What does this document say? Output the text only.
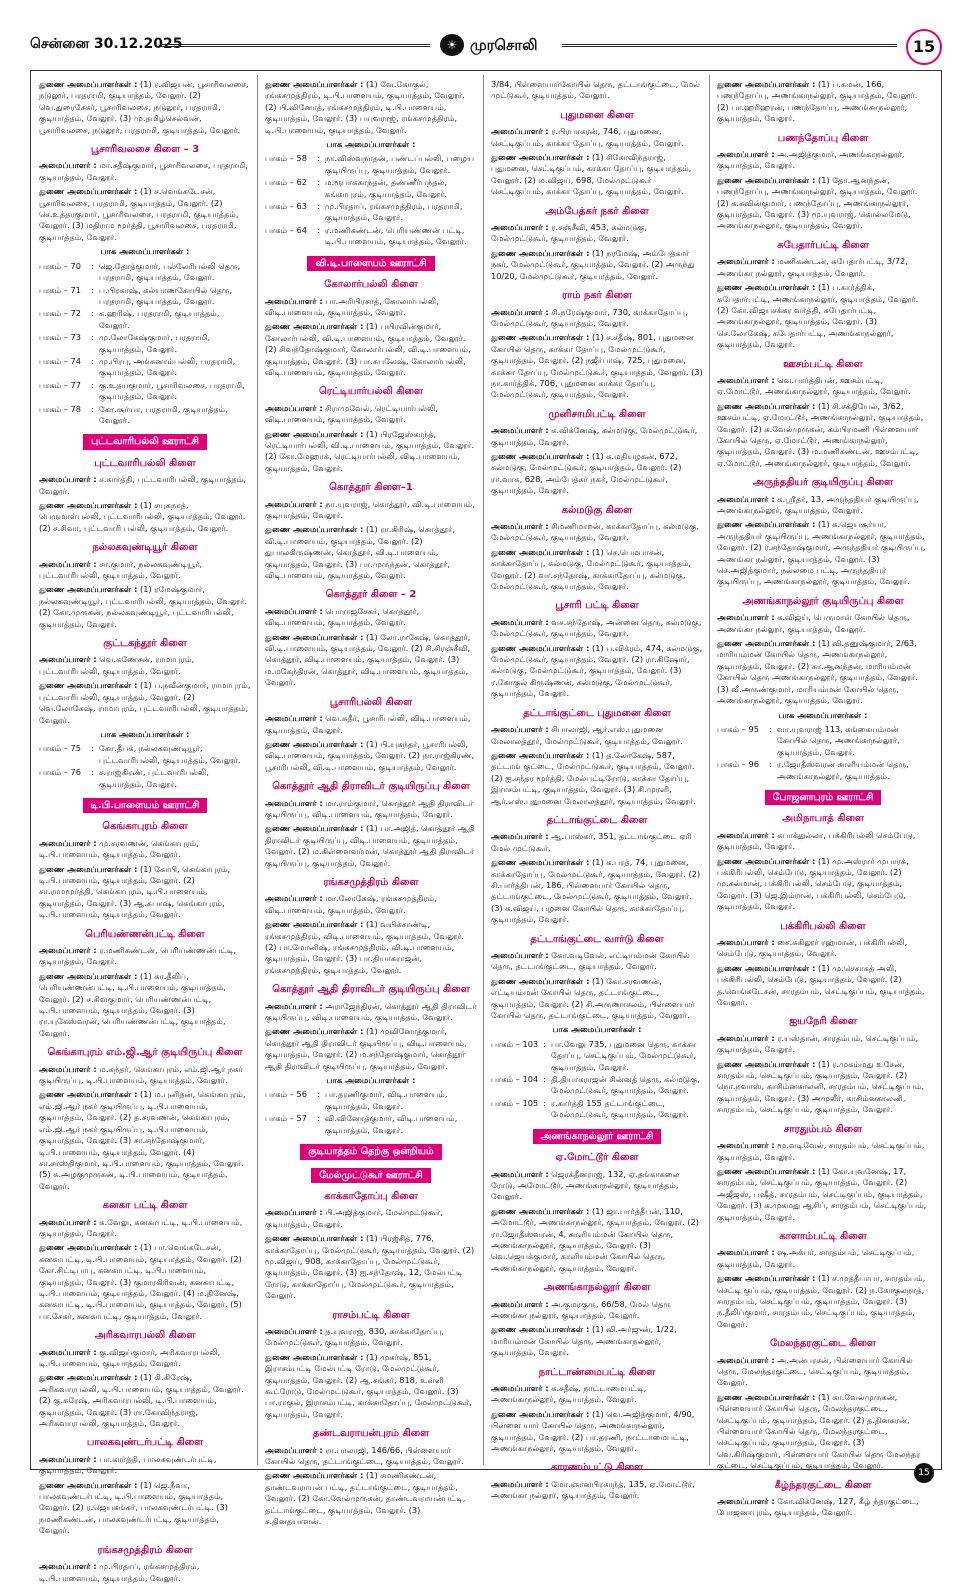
சென்னை 30.12.2025	☀ முரசொலி	15

துணை அமைப்பாளர்கள் : (1) ர.விஜயன், பூசாரிவலசை, நடுலூர், பரதராமி, குடியாத்தம், வேலூர். (2) வெ.துரைசேகர், பூசாரிவலசை, நடுலூர், பரதராமி, குடியாத்தம், வேலூர். (3) மு.தமிழ்செல்வன், பூசாரிவலசை, நடுலூர், பரதராமி, குடியாத்தம், வேலூர்.

பூசாரிவலசை கிளை – 3

அமைப்பாளர் : மா.சதீஷ்குமார், பூசாரிவலசை, பரதராமி, குடியாத்தம், வேலூர்.

துணை அமைப்பாளர்கள் : (1) ச.வெங்கடேசன், பூசாரிவலசை, பரதராமி, குடியாத்தம், வேலூர். (2) செ.உத்தரகுமார், பூசாரிவலசை, பரதராமி, குடியாத்தம், வேலூர். (3) மதிராம மூர்த்தி, பூசாரிவலசை, பரதராமி, குடியாத்தம், வேலூர்.

பாக அமைப்பாளர்கள் :
பாகம் – 70	: ஜெ.தோத்குமார், பல்லேரிபல்லி தெரு, பரதராமி, குடியாத்தம், வேலூர்.
பாகம் – 71	: ப.பிரகாஷ், கல்யாணகோயில் தெரு, பரதராமி, குடியாத்தம், வேலூர்.
பாகம் – 72	: க.ஹரிஷ், பரதராமி, குடியாத்தம், வேலூர்.
பாகம் – 73	: மு.லோகேஷ்குமார், பரதராமி, குடியாத்தம், வேலூர்.
பாகம் – 74	: மு.பிரபு, அங்கனாம்பல்லி, பரதராமி, குடியாத்தம், வேலூர்.
பாகம் – 77	: கு.உதயகுமார், பூசாரிவலசை, பரதராமி, குடியாத்தம், வேலூர்.
பாகம் – 78	: கோ.சூர்யா, பரதராமி, குடியாத்தம், வேலூர்.
புட்டவாரிபல்லி ஊராட்சி
புட்டவாரிபல்லி கிளை

அமைப்பாளர் : ச.கார்த்தி, புட்டவாரிபல்லி, குடியாத்தம், வேலூர்.

துணை அமைப்பாளர்கள் : (1) சயுகநாத், பெருமாள்பல்லி, புட்டவாரிபல்லி, குடியாத்தம், வேலூர். (2) ச.சிவா, புட்டவாரி பல்லி, குடியாத்தம், வேலூர்.

நல்லகவுண்டியூர் கிளை

அமைப்பாளர் : சா.குமார், நல்லகவுண்டியூர், புட்டவாரிபல்லி, குடியாத்தம், வேலூர்.

துணை அமைப்பாளர்கள் : (1) ரமேஷ்குமார், நல்லகவுண்டியூர், புட்டவாரிபல்லி, குடியாத்தம், வேலூர். (2) கோ.முருகன், நல்லகவுண்டியூர், புட்டவாரிபல்லி, குடியாத்தம், வேலூர்.

குட்டகந்தூர் கிளை

அமைப்பாளர் : வெ.கணேசன், ராமாபுரம், புட்டவாரிபல்லி, குடியாத்தம், வேலூர்.

துணை அமைப்பாளர்கள் : (1) ப.நவீன்குமார், ராமாபுரம், புட்டவாரிபல்லி, குடியாத்தம், வேலூர். (2) வெ.லோகேஷ், ராமாபுரம், புட்டவாரிபல்லி, குடியாத்தம், வேலூர்.

பாக அமைப்பாளர்கள் :
பாகம் – 75	: கோ.தீபக், நல்லகவுண்டியூர், புட்டவாரிபல்லி, குடியாத்தம், வேலூர்.
பாகம் – 76	: ச.ராஜ்கிரண், புட்டவாரிபல்லி, குடியாத்தம், வேலூர்.
டி.பி.பாளையம் ஊராட்சி
கெங்காபுரம் கிளை

அமைப்பாளர் : மு.சரவணன், கெங்காபுரம், டி.பி.பாளையம், குடியாத்தம், வேலூர்.

துணை அமைப்பாளர்கள் : (1) கோபி, கெங்காபுரம், டி.பி.பாளையம், குடியாத்தம், வேலூர். (2) சா.ராமமூர்த்தி, கெங்காபுரம், டி.பி.பாளையம், குடியாத்தம், வேலூர். (3) ஆ.சுபாஷ், கெங்காபுரம், டி.பி.பாளையம், குடியாத்தம், வேலூர்.

பெரியண்ணன்பட்டி கிளை

அமைப்பாளர் : ர.மணிகண்டன், பெரியண்ணன்பட்டி, குடியாத்தம், வேலூர்.

துணை அமைப்பாளர்கள் : (1) கா.தீலிப், பெரியண்ணன்பட்டி, டி.பி.பாளையம், குடியாத்தம், வேலூர். (2) ச.சிவகுமார், பெரியண்ணன்பட்டி, டி.பி.பாளையம், குடியாத்தம், வேலூர். (3) ரா.யுகேஸ்வரன், பெரியண்ணன்பட்டி, குடியாத்தம், வேலூர்.

கெங்காபுரம் எம்.ஜி.ஆர் குடியிருப்பு கிளை

அமைப்பாளர் : ம.சுந்தர், கெங்காபுரம், எம்.ஜி.ஆர் நகர் குடியிருப்பு, டி.பி.பாளையம், குடியாத்தம், வேலூர்.

துணை அமைப்பாளர்கள் : (1) ம.புனிதன், கெங்காபுரம், எம்.ஜி.ஆர் நகர் குடியிருப்பு, டி.பி.பாளையம், குடியாத்தம், வேலூர். (2) த.சரவணன், கெங்காபுரம், எம்.ஜி.ஆர் நகர் குடியிருப்பு, டி.பி.பாளையம், குடியாத்தம், வேலூர். (3) சா.சந்தோஷ்குமார், டி.பி.பாளையம், குடியாத்தம், வேலூர். (4) சா.சாஸ்திகுமார், டி.பி.பாளையம், குடியாத்தம், வேலூர். (5) சு.அழகுமுருகன், டி.பி.பாளையம், குடியாத்தம், வேலூர்.

கனகா பட்டி கிளை

அமைப்பாளர் : க.வேலு, கனகாபட்டி, டி.பி.பாளையம், குடியாத்தம், வேலூர்.

துணை அமைப்பாளர்கள் : (1) பா.வெங்கடேசன், கனகாபட்டி, டி.பி.பாளையம், குடியாத்தம், வேலூர். (2) கோ.சிட்டிபாபு, கனகாபட்டி, டி.பி.பாளையம், குடியாத்தம், வேலூர். (3) குமாரகிரிவன், கனகாபட்டி, டி.பி.பாளையம், குடியாத்தம், வேலூர். (4) ம.தினேஷ், கனகாபட்டி, டி.பி.பாளையம், குடியாத்தம், வேலூர். (5) பா.சேகர், கனகாபட்டி, குடியாத்தம், வேலூர்.

அரிகவாரபல்லி கிளை

அமைப்பாளர் : கு.விஜய்குமார், அரிகவாரபல்லி, டி.பி.பாளையம், குடியாத்தம், வேலூர்.

துணை அமைப்பாளர்கள் : (1) கி.கிரேஷ், அரிகவாரபல்லி, டி.பி.பாளையம், குடியாத்தம், வேலூர். (2) கு.சுரேஷ், அரிகவாரபல்லி, டி.பி.பாளையம், குடியாத்தம், வேலூர். (3) ரா.கோவிந்தராஜ், அரிகவாரபல்லி, குடியாத்தம், வேலூர்.

பாலகவுண்டர்பட்டி கிளை

அமைப்பாளர் : பா.கார்த்தி, பாலகவுண்டர்பட்டி, குடியாத்தம், வேலூர்.

துணை அமைப்பாளர்கள் : (1) ஜெ.நீவா, பாலகவுண்டர்பட்டி, டி.பி.பாளையம், குடியாத்தம், வேலூர். (2) ர.ஜெயகங்கர், பாலகவுண்டர்பட்டி. (3) நமணிகண்டன், பாலகவுண்டர்பட்டி, குடியாத்தம், வேலூர்.

ரங்கசமுத்திரம் கிளை

அமைப்பாளர் : மு.பிரதாப், ரங்கசமுத்திரம், டி.பி.பாளையம், குடியாத்தம், வேலூர்.

துணை அமைப்பாளர்கள் : (1) வே.கோகுல், ரங்கசமுத்திரம், டி.பி.பாளையம், குடியாத்தம், வேலூர். (2) பி.வினோத், ரங்கசமுத்திரம், டி.பி.பாளையம், குடியாத்தம், வேலூர். (3) பயுவராஜ், ரங்கசமுத்திரம், டி.பி.பாளையம், குடியாத்தம், வேலூர்.

பாக அமைப்பாளர்கள் :
பாகம் – 58	: நா.விஸ்வநாதன், பண்டப்பல்லி, பழைய குடியிருப்பு, குடியாத்தம், வேலூர்.
பாகம் – 62	: ம.ரூபாசுகாந்தன், தண்ணீர்பந்தல், கங்காபுரம், குடியாத்தம், வேலூர்.
பாகம் – 63	: மு.பிரதாப், ரங்கசமுத்திரம், பரதராமி, குடியாத்தம், வேலூர்.
பாகம் – 64	: ர.மணிகண்டன், பெரியண்ணன் பட்டி, டி.பி.பாளையம், குடியாத்தம், வேலூர்.
வி.டி.பாளையம் ஊராட்சி
கோலார்பல்லி கிளை

அமைப்பாளர் : பா.அரிபிரசாத், கோலார்பல்லி, விடி.பாளையம், குடியாத்தம், வேலூர்.

துணை அமைப்பாளர்கள் : (1) பயிரவின்குமார், கோலார்பல்லி, வி.டி.பாளையம், குடியாத்தம், வேலூர். (2) சிவந்தோஷ்குமார், கோலார்பல்லி, வி.டி.பாளையம், குடியாத்தம், வேலூர். (3) பா.சுபலேஷ், கோலார்பல்லி, விடி.பாளையம், குடியாத்தம், வேலூர்.

ரெட்டியார்பல்லி கிளை

அமைப்பாளர் : சிராமுவேல், ரெட்டியார்பல்லி, விடி.பாளையம், குடியாத்தம், வேலூர்.

துணை அமைப்பாளர்கள் : (1) பிரஜேஸ்காந்த், ரெட்டியார்பல்லி, வி.டி.பாளையம், குடியாத்தம், வேலூர். (2) கோ.மேஹாக், ரெட்டியார்பல்லி, விடி.பாளையம், குடியாத்தம், வேலூர்.

கொத்தூர் கிளை–1

அமைப்பாளர் : நா.யுவராஜ், கொத்தூர், வி.டி.பாளையம், குடியாத்தம், வேலூர்.

துணை அமைப்பாளர்கள் : (1) ரா.கிரிஷ், கொத்தூர், வி.டி.பாளையம், குடியாத்தம், வேலூர். (2) துபாலகிருஷ்ணன், கொத்தூர், வி.டி.பாளையம், குடியாத்தம், வேலூர். (3) பா.முருந்தன், கொத்தூர், விடி.பாளையம், குடியாத்தம், வேலூர்.

கொத்தூர் கிளை – 2

அமைப்பாளர் : பொராஜசேகர், கொத்தூர், விடி.பாளையம், குடியாத்தம், வேலூர்.

துணை அமைப்பாளர்கள் : (1) லோ.ராகேஷ், கொத்தூர், வி.டி.பாளையம், குடியாத்தம், வேலூர். (2) சி.சிரஞ்சீவி, கொத்தூர், விடி.பாளையம், குடியாத்தம், வேலூர். (3) ம.மகேந்திரன், கொத்தூர், விடி.பாளையம், குடியாத்தம், வேலூர்.

பூசாரிபல்லி கிளை

அமைப்பாளர் : வெ.சுதீர், பூசாரிபல்லி, விடி.பாளையம், குடியாத்தம், வேலூர்.

துணை அமைப்பாளர்கள் : (1) பி.யுகந்தர், பூசாரிபல்லி, விடி.பாளையம், குடியாத்தம், வேலூர். (2) நா.ராஜ்கிரண், பூசாரிபல்லி, வி.டி.பாளையம், குடியாத்தம், வேலூர்.

கொத்தூர் ஆதி திராவிடர் குடியிருப்பு கிளை

அமைப்பாளர் : மா.ராம்குமார், கொத்தூர் ஆதி திராவிடர் குடியிருப்பு, விடி.பாளையம், குடியாத்தம், வேலூர்.

துணை அமைப்பாளர்கள் : (1) பா.அஜித், கொத்தூர் ஆதி திராவிடர் குடியிருப்பு, விடி.பாளையம், குடியாத்தம், வேலூர். (2) ம.கிள்ளைவர்மன், கொத்தூர் ஆதி திராவிடர் குடியிருப்பு, குடியாத்தம், வேலூர்.

ரங்கசமுத்திரம் கிளை

அமைப்பாளர் : மா.லோகேஷ், ரங்கசமுத்திரம், விடி.பாளையம், குடியாத்தம், வேலூர்.

துணை அமைப்பாளர்கள் : (1) வயிக்சாண்டி, ரங்கசமுத்திரம், விடி.பாளையம், குடியாத்தம், வேலூர். (2) பா.மோனிஷ், ரங்கசமுத்திரம், வி.டி.பாளையம், குடியாத்தம், வேலூர். (3) பா.தியாகராஜன், ரங்கசமுத்திரம், குடியாத்தம், வேலூர்.

கொத்தூர் ஆதி திராவிடர் குடியிருப்பு கிளை

அமைப்பாளர் : அராஜேந்திரன், கொத்தூர் ஆதி திராவிடர் குடியிருப்பு, விடி.பாளையம், குடியாத்தம், வேலூர்.

துணை அமைப்பாளர்கள் : (1) முவினோத்குமார், கொத்தூர் ஆதி திராவிடர் குடியிருப்பு, விடி.பாளையம், குடியாத்தம், வேலூர். (2) ம.சந்தோஷ்குமார், கொத்தூர் ஆதி திராவிடர் குடியிருப்பு, குடியாத்தம், வேலூர்.

பாக அமைப்பாளர்கள் :
பாகம் – 56	: பா.தரணிகுமார், விடி.பாளையம், குடியாத்தம், வேலூர்.
பாகம் – 57	: வி.வினோத்குமார், விடி.பாளையம், குடியாத்தம், வேலூர்.
குடியாத்தம் தெற்கு ஒன்றியம்
மேல்முட்டுகூர் ஊராட்சி
காக்காதோப்பு கிளை

அமைப்பாளர் : பி.அஜித்குமார், மேல்முட்டுகூர், குடியாத்தம், வேலூர்.

துணை அமைப்பாளர்கள் : (1) பிரஜ்சித், 776, காக்காதோப்பு, மேல்முட்டுகூர், குடியாத்தம், வேலூர். (2) மூ.விஜய், 908, காக்காதோப்பு, மேல்முட்டுகூர், குடியாத்தம், வேலூர். (3) ஐ.சந்தோஷ், 12, மேல்பட்டி ரோடு, காக்காதோப்பு, மேல்முட்டுகூர், குடியாத்தம், வேலூர்.

ராசம்பட்டி கிளை

அமைப்பாளர் : த.யுவராஜ், 830, காக்காதோப்பு, மேல்முட்டுகூர், குடியாத்தம், வேலூர்.

துணை அமைப்பாளர்கள் : (1) முகர்ஷ், 851, இராசம்பட்டி மேல்பட்டி ரோடு, மேல்முட்டுகூர், குடியாத்தம், வேலூர். (2) ஆ.சங்கர், 818, உள்ளி கூட்ரோடு, மேல்முட்டுகூர், குடியாத்தம், வேலூர். (3) பா.ராகுல், இராசம்பட்டி, காக்காதோப்பு, மேல்முட்டுகூர், குடியாத்தம், வேலூர்.

தண்டவராயன்புரம் கிளை

அமைப்பாளர் : ரா.பாலாஜி, 146/66, பிள்ளையார் கோயில் தெரு, தட்டாங்குட்டை, குடியாத்தம், வேலூர்.

துணை அமைப்பாளர்கள் : (1) சமணிகண்டன், தாண்டவராயன் பட்டி, தட்டாங்குட்டை, குடியாத்தம், வேலூர். (2) கோ.வேல்முருகன், தாண்டவராயன்பட்டி, தட்டாங்குட்டை, குடியாத்தம், வேலூர். (3) ச.தினதயாளன்.

3/84, பிள்ளையார்கோயில் தெரு, தட்டாங்குட்டை, மேல் முட்டுகூர், குடியாத்தம், வேலூர்.

புதுமனை கிளை

அமைப்பாளர் : ர.பிரபாகரன், 746, புதுமனை, செட்டிகுப்பம், காக்கா தோப்பு, குடியாத்தம், வேலூர்.

துணை அமைப்பாளர்கள் : (1) சிகோவிந்தராஜ், புதுமனை, செட்டிகுப்பம், காக்கா தோப்பு, குடியாத்தம், வேலூர். (2) ம.விஜய், 698, மேல்முட்டுகூர் செட்டிகுப்பம், காக்கா தோப்பு, குடியாத்தம், வேலூர்.

அம்பேத்கர் நகர் கிளை

அமைப்பாளர் : ர.சஞ்சீவி, 453, கல்மடுகு, மேல்முட்டுகூர், குடியாத்தம், வேலூர்.

துணை அமைப்பாளர்கள் : (1) நரமேஷ், அம்பேத்கார் நகர், மேல்முட்டுகூர், குடியாத்தம், வேலூர். (2) அருந்து 10/20, மேல்முட்டுகூர், குடியாத்தம், வேலூர்.

ராம் நகர் கிளை

அமைப்பாளர் : சி.நரேஷ்குமார், 730, காக்காதோப்பு, மேல்முட்டுகூர், குடியாத்தம், வேலூர்.

துணை அமைப்பாளர்கள் : (1) ச.சதீஷ், 801, புதுமனை கோயில் தெரு, காக்கா தோப்பு, மேல்முட்டுகூர், குடியாத்தம், வேலூர். (2) நஜீர்பாஷ், 725, புதுமனை, காக்கா தோப்பு, மேல்முட்டுகூர், குடியாத்தம், வேலூர். (3) நா.கார்த்திக், 706, புதுமனை காக்கா தோப்பு, மேல்முட்டுகூர், குடியாத்தம், வேலூர்.

முனிசாமிபட்டி கிளை

அமைப்பாளர் : க.விக்னேஷ், கல்மடுகு, மேல்முட்டுகூர், குடியாத்தம், வேலூர்.

துணை அமைப்பாளர்கள் : (1) க.மதியழகன், 672, கல்மடுகு, மேல்முட்டுகூர், குடியாத்தம், வேலூர். (2) ரா.வாசு, 628, அம்பேத்கர் நகர், மேல்முட்டுகூர், குடியாத்தம், வேலூர்.

கல்மடுகு கிளை

அமைப்பாளர் : சிமணிமாறன், காக்காதோப்பு, கல்மடுகு, மேல்முட்டுகூர், குடியாத்தம், வேலூர்.

துணை அமைப்பாளர்கள் : (1) செ.பெமபாசன், காக்காதோப்பு, கல்மடுகு, மேல்முட்டுகூர், குடியாத்தம், வேலூர். (2) வா.சந்தோஷ், காக்காதோப்பு, கல்மடுகு, மேல்முட்டுகூர், குடியாத்தம், வேலூர்.

பூசாரி பட்டி கிளை

அமைப்பாளர் : வச.சந்தோஷ், அன்னை தெரு, கல்மடுகு, மேல்முட்டுகூர், குடியாத்தம், வேலூர்.

துணை அமைப்பாளர்கள் : (1) ப.விக்ரம், 474, கல்மடுகு, மேல்முட்டுகூர், குடியாத்தம், வேலூர். (2) ரா.கிஷோர், கல்மடுகு, மேல்முட்டுகூர், குடியாத்தம், வேலூர். (3) ர.கோகுல் கிருஷ்ணன், கல்மடுகு, மேல்முட்டுகூர், குடியாத்தம், வேலூர்.

தட்டாங்குட்டை புதுமனை கிளை

அமைப்பாளர் : சிபாலாஜி, ஆர்.எஸ்.புதுமனை மேலாலத்தூர், மேல்முட்டுகூர், குடியாத்தம், வேலூர்.

துணை அமைப்பாளர்கள் : (1) த.லோகேஷ், 587, தட்டாங் குட்டை, மேல்முட்டுகூர், குடியாத்தம், வேலூர். (2) ஐ.சந்தர மூர்த்தி, மேல்பட்டிரோடு, காக்கா தோப்பு, இராசம்பட்டி, குடியாத்தம், வேலூர். (3) சி.முரளி, ஆர்.எஸ்.புதுமனை மேலாலத்தூர், குடியாத்தம், வேலூர்.

தட்டாங்குட்டை கிளை

அமைப்பாளர் : ஆ.பாஸ்கர், 351, தட்டாங்குட்டை ஏரி மேல் முட்டுகூர்.

துணை அமைப்பாளர்கள் : (1) க.பரத், 74, புதுமனை, காக்காதோப்பு, மேல்முட்டுகூர், குடியாத்தம், வேலூர். (2) சி.பார்த்திபன், 186, பிள்ளையார் கோயில் தெரு, தட்டாங்குட்டை, மேல்முட்டுகூர், குடியாத்தம், வேலூர். (3) க.விஜய், பழனை கோயில் தெரு, காக்காதோப்பு, குடியாத்தம், வேலூர்.

தட்டாங்குட்டை வார்டு கிளை

அமைப்பாளர் : கோ.வடிவேல், எட்டியம்மன் கோயில் தெரு, தட்டாங்குட்டை, குடியாத்தம், வேலூர்.

துணை அமைப்பாளர்கள் : (1) கோ.சரவணன், எட்டியம்மன் கோயில் தெரு, தட்டாங்குட்டை, குடியாத்தம், வேலூர். (2) சி.அருணாசலம், பிள்ளையார் கோயில் தெரு, தட்டாங்குட்டை, குடியாத்தம், வேலூர்.

பாக அமைப்பாளர்கள் :
பாகம் – 103 : பா.வேலு 735, புதுமனை தெரு, காக்கா தோப்பு, செட்டிகுப்பம், மேல்முட்டுகூர், குடியாத்தம், வேலூர்.
பாகம் – 104 : தி.தியாகராஜன் சின்னத் தெரு, கல்மடுகு, மேல்முட்டுகூர், குடியாத்தம், வேலூர்.
பாகம் – 105 : ர.கார்த்தி 155 தட்டாங்குட்டை, மேல்முட்டுகூர், குடியாத்தம், வேலூர்.
அணங்காநல்லூர் ஊராட்சி
ஏ.மோட்டூர் கிளை

அமைப்பாளர் : ஜெரக்தீனராஜ், 132, ஏ.தங்காகலை ரோடு, அமோட்டூர், அணங்காநல்லூர், குடியாத்தம், வேலூர்.

துணை அமைப்பாளர்கள் : (1) ஜா.பார்த்தீபன், 110, அமோட்டூர், அணங்காநல்லூர், குடியாத்தம், வேலூர். (2) ரா.ஜோதீஸ்வரன், 4, காளியம்மன் கோயில் தெரு, அணங்காநல்லூர், குடியாத்தம், வேலூர். (3) வெ.ஜெயக்குமார், காளியம்மன் கோயில் தெரு, அணங்காநல்லூர், குடியாத்தம், வேலூர்.

அணங்காநல்லூர் கிளை

அமைப்பாளர் : அ.குமரகுரு, 66/58, மேல் தெரு அணங்கா நல்லூர், குடியாத்தம், வேலூர்.

துணை அமைப்பாளர்கள் : (1) வி.அர்ஜுன், 1/22, மாரியம்மன் கோயில் தெரு, அணங்காநல்லூர், குடியாத்தம், வேலூர்.

நாட்டாண்மைபட்டி கிளை

அமைப்பாளர் : க.சதீஷ், நாட்டாமைபட்டி, அணங்காநல்லூர், குடியாத்தம், வேலூர்.

துணை அமைப்பாளர்கள் : (1) வெ.அஜித்குமார், 4/90, பிள்ளை யார் கோயில் தெரு, அணங்காநல்லூர், குடியாத்தம், வேலூர். (2) பா.தரணி, நாட்டாமைபட்டி, அணங்காநல்லூர், குடியாத்தம், வேலூர்.

காரணம்பட்டு கிளை

அமைப்பாளர் : மோ.ஞானபிரகாந்த், 135, ஏ.மோட்டூர், அணங்கா நல்லூர், குடியாத்தம், வேலூர்.

துணை அமைப்பாளர்கள் : (1) ப.கமன், 166, பணந்தோப்பு, அணங்காநல்லூர், குடியாத்தம், வேலூர். (2) பா.ஹரிஹரன், பணந்தோப்பு, அணங்காநல்லூர், குடியாத்தம், வேலூர்.

பணந்தோப்பு கிளை

அமைப்பாளர் : அ.அஜித்குமார், அணங்காநல்லூர், குடியாத்தம், வேலூர்.

துணை அமைப்பாளர்கள் : (1) தோ.ஆனந்தன், பணந்தோப்பு, அணங்காநல்லூர், குடியாத்தம், வேலூர். (2) க.கவின்குமார், பணந்தோப்பு, அணங்காநல்லூர், குடியாத்தம், வேலூர். (3) மூ.யுவராஜ், கொல்லமேடு, அணங்காநல்லூர், குடியாத்தம், வேலூர்.

சுபேதார்பட்டி கிளை

அமைப்பாளர் : மணிகண்டன், சுபேதார்பட்டி, 3/72, அணங்கா நல்லூர், குடியாத்தம், வேலூர்.

துணை அமைப்பாளர்கள் : (1) ப.கார்த்திக், சுபேதார்பட்டி, அணங்காநல்லூர், குடியாத்தம், வேலூர். (2) கோ.விஜயசக்கர வர்த்தி, சுபேதார்பட்டி, அணங்காநல்லூர், குடியாத்தம், வேலூர். (3) செ.லோகேஷ், சுபேதார்பட்டி, அணங்காநல்லூர், குடியாத்தம், வேலூர்.

ஊசம்பட்டி கிளை

அமைப்பாளர் : வெ.பார்த்திபன், ஊசம்பட்டி, ஏ.மோட்டூர், அணங்காநல்லூர், குடியாத்தம், வேலூர்.

துணை அமைப்பாளர்கள் : (1) சி.சக்தியேல், 3/62, ஊசம்பட்டி, ஏ.மோட்டூர், அணங்காநல்லூர், குடியாத்தம், வேலூர். (2) க.வேல்முருகன், கம்பிரமணி பிள்ளையார் கோயில் தெரு, ஏ.மோட்டூர், அணங்காநல்லூர், குடியாத்தம், வேலூர். (3) ம.மணிகண்டன், ஊசம்பட்டி, ஏ.மோட்டூர், அணங்காநல்லூர், குடியாத்தம், வேலூர்.

அருந்ததியர் குடியிருப்பு கிளை

அமைப்பாளர் : க.ஸ்ரீதர், 13, அருந்ததியர் குடியிருப்பு, அணங்காநல்லூர், குடியாத்தம், வேலூர்.

துணை அமைப்பாளர்கள் : (1) க.ஜெயசூர்யா, அருந்ததியர் குடியிருப்பு, அணங்காநல்லூர், குடியாத்தம், வேலூர். (2) ர.சந்தோஷ்குமார், அருந்ததியர் குடியிருப்பு, அணங்கா நல்லூர், குடியாத்தம், வேலூர். (3) செ.அஜித்குமார், நல்லமை பட்டி, அருந்ததியர் குடியிருப்பு, அணங்காநல்லூர், குடியாத்தம், வேலூர்.

அணங்காநல்லூர் குடியிருப்பு கிளை

அமைப்பாளர் : க.விஜய், பெருமாள் கோயில் தெரு, அணங்கா நல்லூர், குடியாத்தம், வேலூர்.

துணை அமைப்பாளர்கள் : (1) வி.தனுஷ்குமார், 2/63, மாரியம்மன் கோயில் தெரு, அணங்காநல்லூர், குடியாத்தம், வேலூர். (2) கா.ஆனந்தன், மாரியம்மன் கோயில் தெரு அணங்காநல்லூர், குடியாத்தம், வேலூர். (3) வீ.அருண்குமார், மாரியம்மன் கோயில் தெரு, அணங்காநல்லூர், குடியாத்தம், வேலூர்.

பாக அமைப்பாளர்கள் :
பாகம் – 95	: வா.யுவராஜ் 113, கங்கையம்மன் கோயில் தெரு, அணங்காநல்லூர், குடியாத்தம், வேலூர்.
பாகம் – 96	: ர.ஜோதீஸ்வரன் காளியம்மன் தெரு, அணங்காநல்லூர், குடியாத்தம்.
போஜனாபுரம் ஊராட்சி
அமிநாபாத் கிளை

அமைப்பாளர் : சுபாக்துல்லா, பக்கிரிபல்லி செம்பேடு, குடியாத்தம், வேலூர்.

துணை அமைப்பாளர்கள் : (1) மு.அஸ்ரார் முபாரக், பக்கிரிபல்லி, செம்பேடு, குடியாத்தம், வேலூர். (2) மு.சுல்மான், பக்கிரிபல்லி, செம்பேடு, குடியாத்தம், வேலூர். (3) ஜெ.இம்ரான், பக்கிரிபல்லி, செம்பேடு, குடியாத்தம், வேலூர்.

பக்கிரிபல்லி கிளை

அமைப்பாளர் : சை.சுகிலூர் ரஹ்மான், பக்கிரிபல்லி, செம்பேடு, குடியாத்தம், வேலூர்.

துணை அமைப்பாளர்கள் : (1) மு.செசாகத் அலி, பக்கிரிபல்லி, செம்பேடு, குடியாத்தம், வேலூர். (2) த.வெங்கடேசன், சாரதம்பம், செட்டிகுப்பம், குடியாத்தம், வேலூர்.

ஐயநேரி கிளை

அமைப்பாளர் : ர.யஸ்தான், சாரதம்பம், செட்டிகுப்பம், குடியாத்தம், வேலூர்.

துணை அமைப்பாளர்கள் : (1) ர.முகம்மது உசேன், சாரதம்பம், செட்டிகுப்பம், குடியாத்தம், வேலூர். (2) நொ.நவாஸ், காசிம்னகாலனி, சாரதம்பம், செட்டிகுப்பம், குடியாத்தம், வேலூர். (3) அமுலீர், காசிம்னகாலனி, சாரதம்பம், செட்டிகுப்பம், குடியாத்தம், வேலூர்.

சாரதும்பம் கிளை

அமைப்பாளர் : மூ.வடிவேல், சாரதம்பம், செட்டிகுப்பம், குடியாத்தம், வேலூர்.

துணை அமைப்பாளர்கள் : (1) கோ.யுவனேஷ், 17, சாரதம்பம், செட்டிகுப்பம், குடியாத்தம், வேலூர். (2) அஜீஜஸ், பஷீத், சாரதம்பம், செட்டிகுப்பம், குடியாத்தம், வேலூர். (3) க.முகமது ஆசிப், சாரதம்பம், செட்டிகுப்பம், குடியாத்தம், வேலூர்.

காளாம்பட்டி கிளை

அமைப்பாளர் : ஷ.அக்பர், சாரதம்பம், செட்டிகுப்பம், குடியாத்தம், வேலூர்.

துணை அமைப்பாளர்கள் : (1) ச.முத்தீபாபா, சாரதம்பம், செட்டி குப்பம், குடியாத்தம், வேலூர். (2) ந.கோகுலநாத், சாரதம்பம், செட்டிகுப்பம், குடியாத்தம், வேலூர். (3) ந.தீலிப்குமார், சாரதம்பம், செட்டிகுப்பம், குடியாத்தம், வேலூர்.

மேலந்தரகுட்டை கிளை

அமைப்பாளர் : அ.அன்பரசன், பிள்ளையார் கோயில் தெரு, மேலந்தரகுட்டை, செட்டிகுப்பம், குடியாத்தம், வேலூர்.

துணை அமைப்பாளர்கள் : (1) கா.வேல்முருகன், பிள்ளையார் கோயில் தெரு, மேலந்தரகுட்டை, செட்டிகுப்பம், குடியாத்தம், வேலூர். (2) த.தினகரன், பிள்ளையார் கோயில் தெரு, மேலந்தரகுட்டை, செட்டிகுப்பம், குடியாத்தம், வேலூர். (3) வெ.கிரிஷ்குமார், பிள்ளையார் கோயில் தெரு மேலந்தர குட்டை, செட்டிகுப்பம், குடியாத்தம், வேலூர்.

கீழ்ந்தரகுட்டை கிளை

அமைப்பாளர் : கோ.விக்னேஷ், 127, கீழ் ந்தரகுட்டை, போஜனாபுரம், குடியாத்தம், வேலூர்.

15
